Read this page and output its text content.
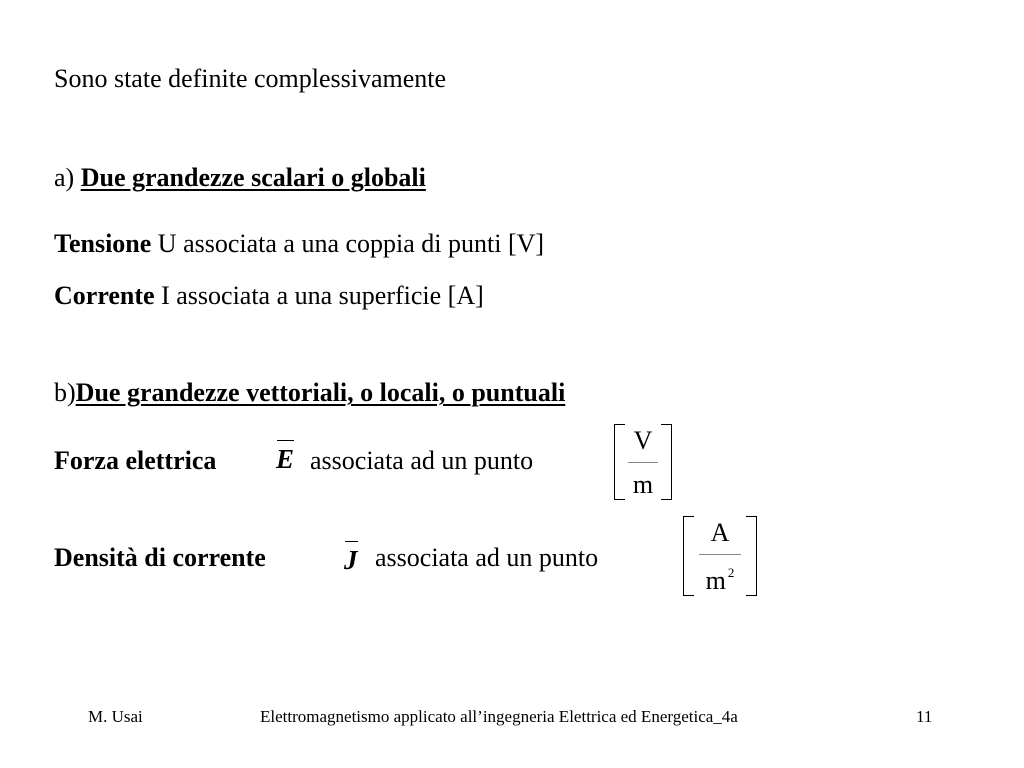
Sono state definite complessivamente
a) Due grandezze scalari o globali
Tensione U associata a una coppia di punti [V]
Corrente I associata a una superficie [A]
b)Due grandezze vettoriali, o locali, o puntuali
Forza elettrica E associata ad un punto
V
m
Densità di corrente	J associata ad un punto
A
m $^2$
M. Usai	Elettromagnetismo applicato all’ingegneria Elettrica ed Energetica_4a	11
